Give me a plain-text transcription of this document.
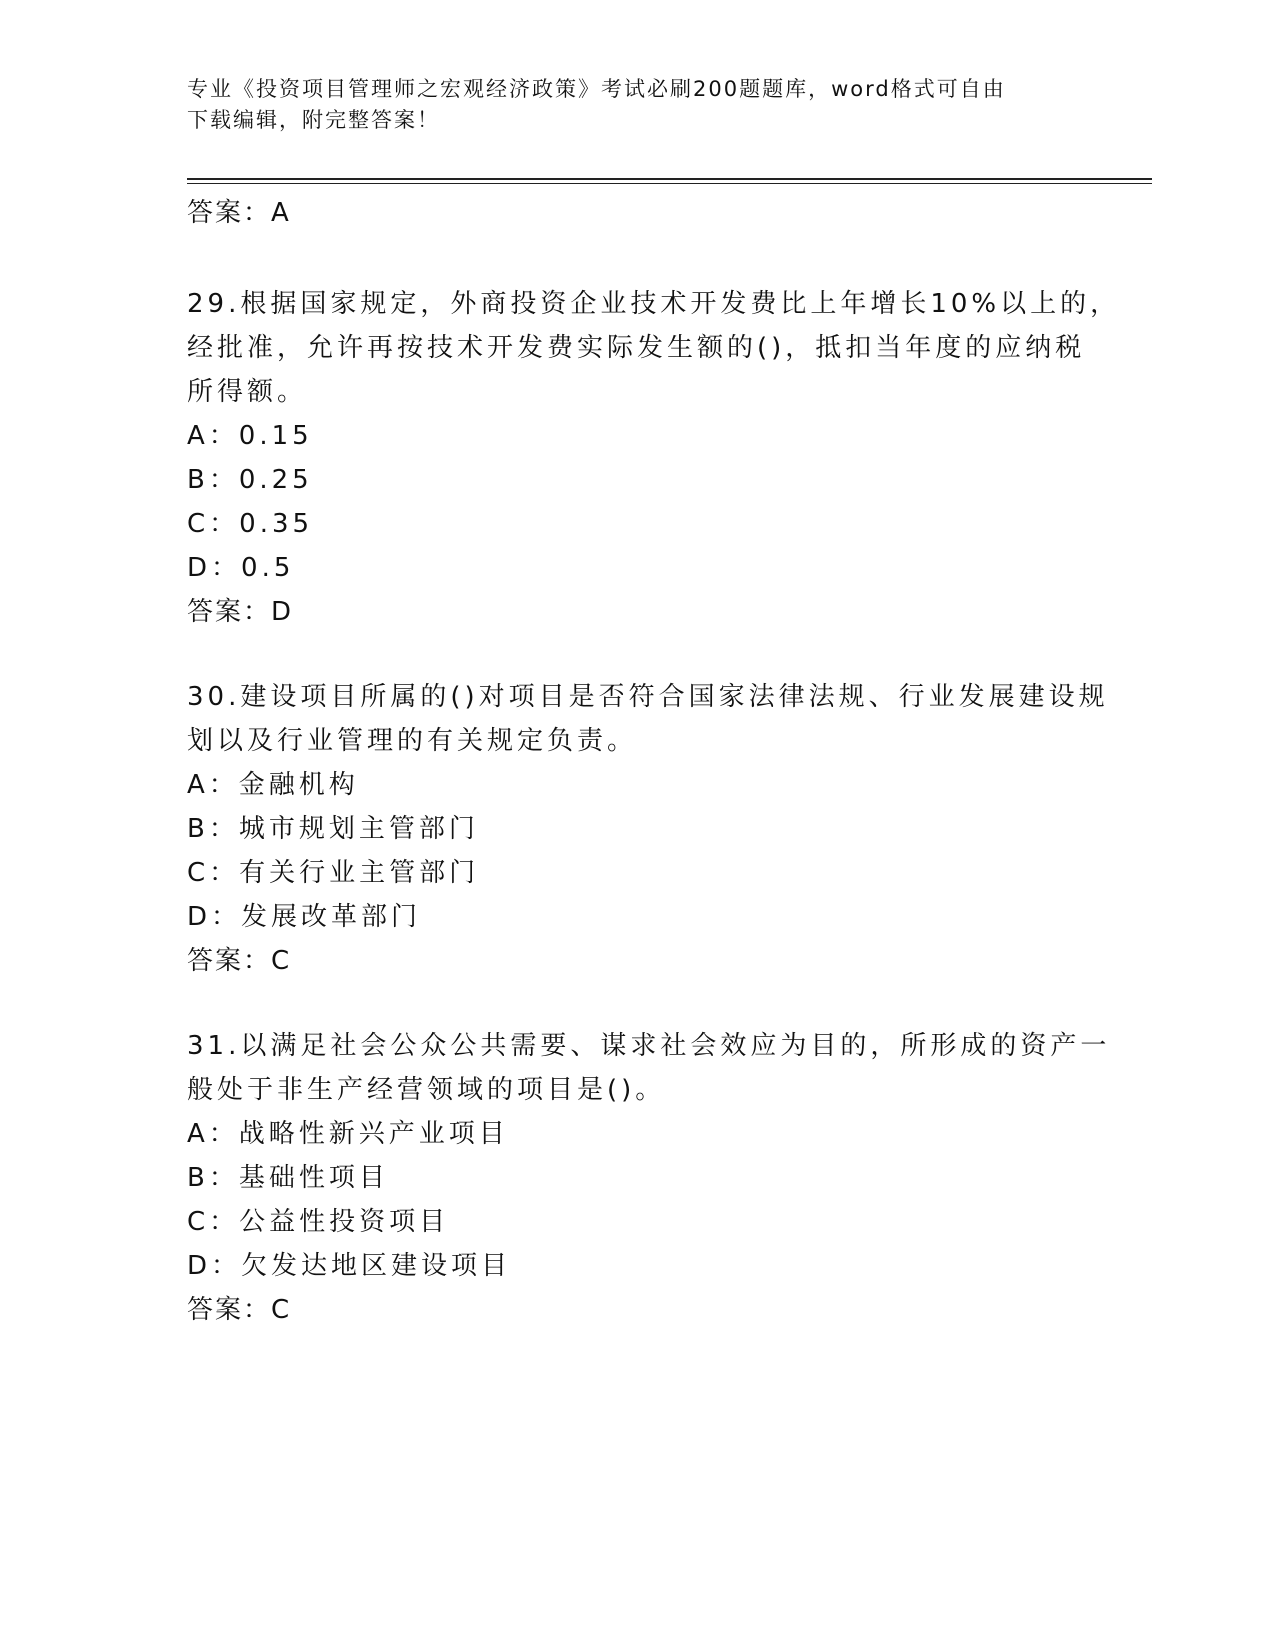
专业《投资项目管理师之宏观经济政策》考试必刷200题题库，word格式可自由
下载编辑，附完整答案！
答案：A
29.根据国家规定，外商投资企业技术开发费比上年增长10%以上的，
经批准，允许再按技术开发费实际发生额的()，抵扣当年度的应纳税
所得额。
A：0.15
B：0.25
C：0.35
D：0.5
答案：D
30.建设项目所属的()对项目是否符合国家法律法规、行业发展建设规
划以及行业管理的有关规定负责。
A：金融机构
B：城市规划主管部门
C：有关行业主管部门
D：发展改革部门
答案：C
31.以满足社会公众公共需要、谋求社会效应为目的，所形成的资产一
般处于非生产经营领域的项目是()。
A：战略性新兴产业项目
B：基础性项目
C：公益性投资项目
D：欠发达地区建设项目
答案：C
